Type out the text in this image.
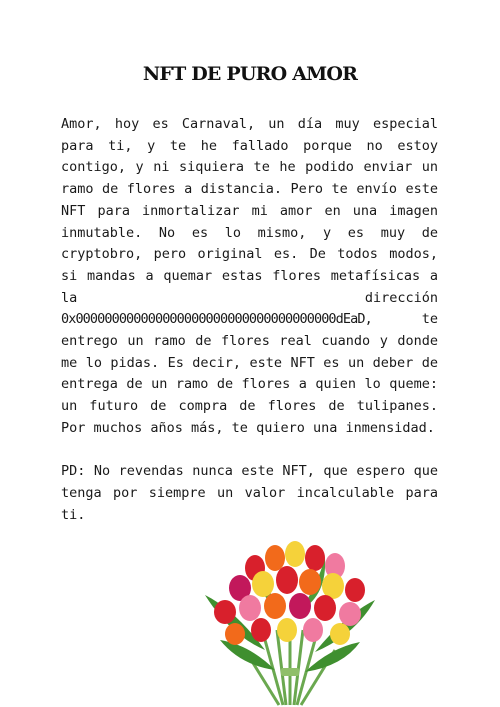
NFT DE PURO AMOR

Amor, hoy es Carnaval, un día muy especial para ti, y te he fallado porque no estoy contigo, y ni siquiera te he podido enviar un ramo de flores a distancia. Pero te envío este NFT para inmortalizar mi amor en una imagen inmutable. No es lo mismo, y es muy de cryptobro, pero original es. De todos modos, si mandas a quemar estas flores metafísicas a la dirección 0x000000000000000000000000000000000000dEaD,	te entrego un ramo de flores real cuando y donde me lo pidas. Es decir, este NFT es un deber de entrega de un ramo de flores a quien lo queme: un futuro de compra de flores de tulipanes. Por muchos años más, te quiero una inmensidad.

PD: No revendas nunca este NFT, que espero que tenga por siempre un valor incalculable para ti.
